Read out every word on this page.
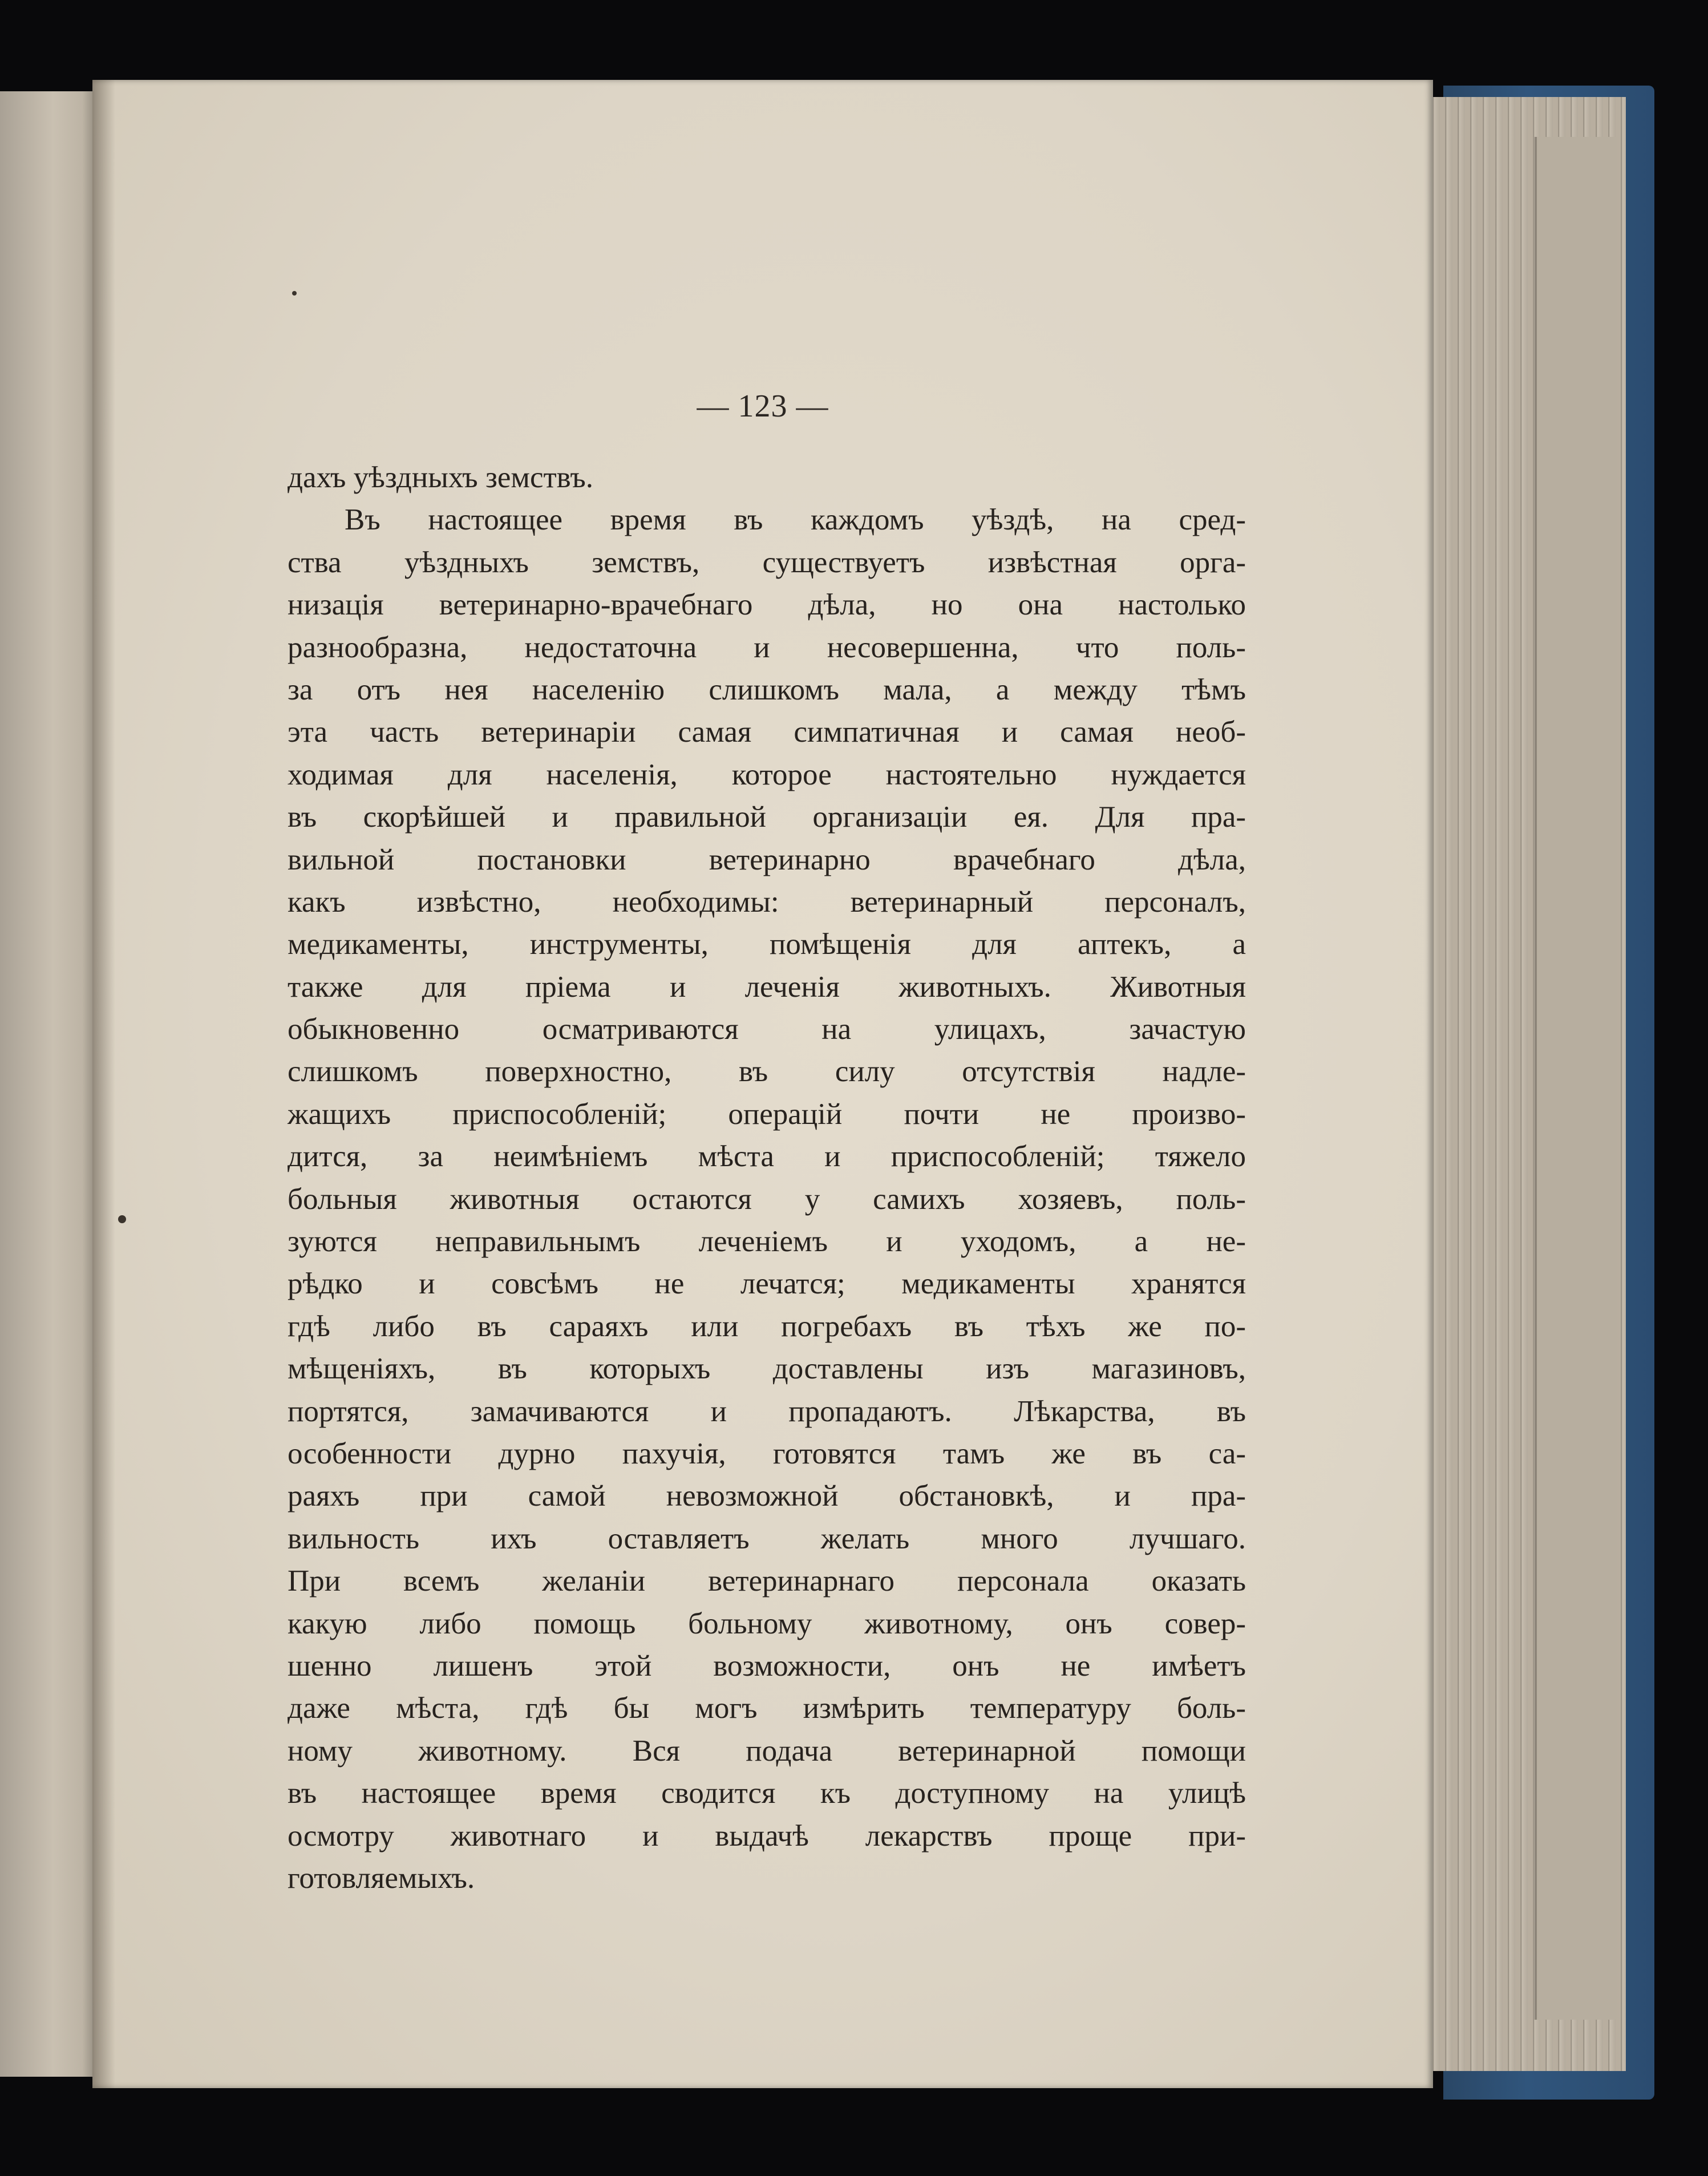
— 123 —
дахъ уѣздныхъ земствъ.
Въ настоящее время въ каждомъ уѣздѣ, на сред-
ства уѣздныхъ земствъ, существуетъ извѣстная орга-
низація ветеринарно-врачебнаго дѣла, но она настолько
разнообразна, недостаточна и несовершенна, что поль-
за отъ нея населенію слишкомъ мала, а между тѣмъ
эта часть ветеринаріи самая симпатичная и самая необ-
ходимая для населенія, которое настоятельно нуждается
въ скорѣйшей и правильной организаціи ея. Для пра-
вильной постановки ветеринарно врачебнаго дѣла,
какъ извѣстно, необходимы: ветеринарный персоналъ,
медикаменты, инструменты, помѣщенія для аптекъ, а
также для пріема и леченія животныхъ. Животныя
обыкновенно осматриваются на улицахъ, зачастую
слишкомъ поверхностно, въ силу отсутствія надле-
жащихъ приспособленій; операцій почти не произво-
дится, за неимѣніемъ мѣста и приспособленій; тяжело
больныя животныя остаются у самихъ хозяевъ, поль-
зуются неправильнымъ леченіемъ и уходомъ, а не-
рѣдко и совсѣмъ не лечатся; медикаменты хранятся
гдѣ либо въ сараяхъ или погребахъ въ тѣхъ же по-
мѣщеніяхъ, въ которыхъ доставлены изъ магазиновъ,
портятся, замачиваются и пропадаютъ. Лѣкарства, въ
особенности дурно пахучія, готовятся тамъ же въ са-
раяхъ при самой невозможной обстановкѣ, и пра-
вильность ихъ оставляетъ желать много лучшаго.
При всемъ желаніи ветеринарнаго персонала оказать
какую либо помощь больному животному, онъ совер-
шенно лишенъ этой возможности, онъ не имѣетъ
даже мѣста, гдѣ бы могъ измѣрить температуру боль-
ному животному. Вся подача ветеринарной помощи
въ настоящее время сводится къ доступному на улицѣ
осмотру животнаго и выдачѣ лекарствъ проще при-
готовляемыхъ.
